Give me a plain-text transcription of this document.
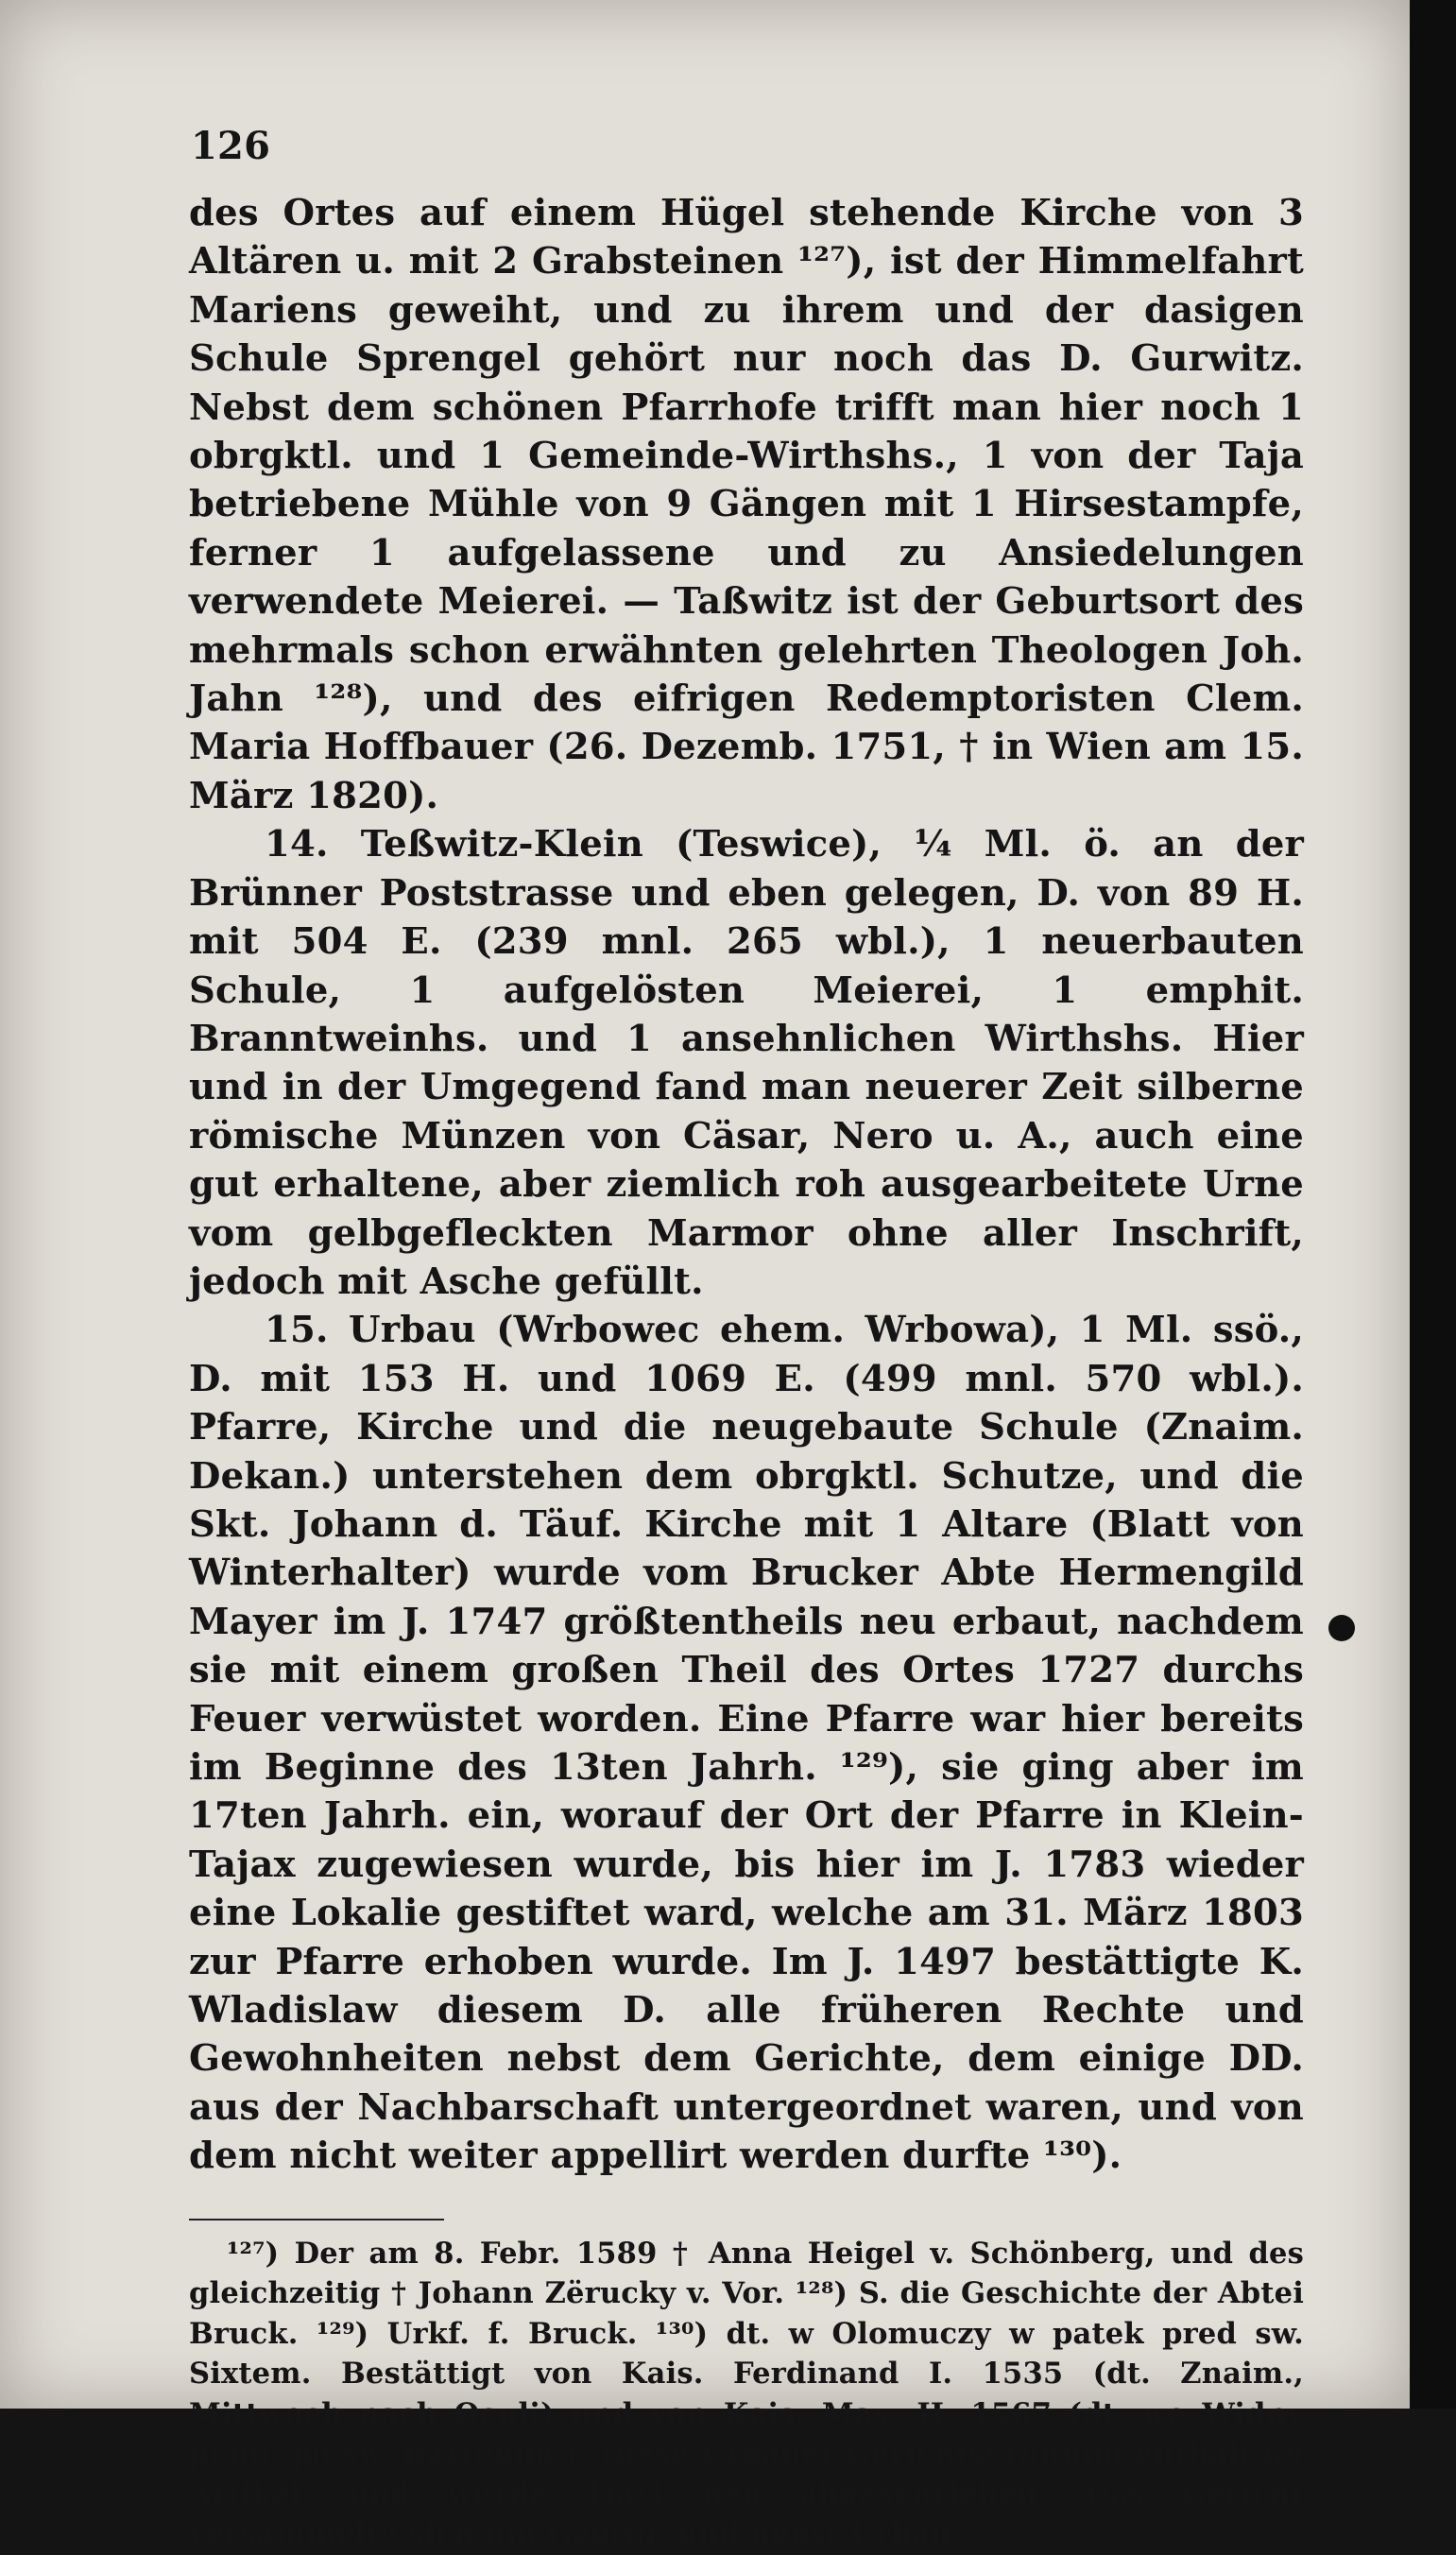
126

des Ortes auf einem Hügel stehende Kirche von 3 Altären u. mit 2 Grabsteinen ¹²⁷), ist der Himmelfahrt Mariens geweiht, und zu ihrem und der dasigen Schule Sprengel gehört nur noch das D. Gurwitz. Nebst dem schönen Pfarrhofe trifft man hier noch 1 obrgktl. und 1 Gemeinde-Wirthshs., 1 von der Taja betriebene Mühle von 9 Gängen mit 1 Hirsestampfe, ferner 1 aufgelassene und zu Ansiedelungen verwendete Meierei. — Taßwitz ist der Geburtsort des mehrmals schon erwähnten gelehrten Theologen Joh. Jahn ¹²⁸), und des eifrigen Redemptoristen Clem. Maria Hoffbauer (26. Dezemb. 1751, † in Wien am 15. März 1820).

14. Teßwitz-Klein (Teswice), ¼ Ml. ö. an der Brünner Poststrasse und eben gelegen, D. von 89 H. mit 504 E. (239 mnl. 265 wbl.), 1 neuerbauten Schule, 1 aufgelösten Meierei, 1 emphit. Branntweinhs. und 1 ansehnlichen Wirthshs. Hier und in der Umgegend fand man neuerer Zeit silberne römische Münzen von Cäsar, Nero u. A., auch eine gut erhaltene, aber ziemlich roh ausgearbeitete Urne vom gelbgefleckten Marmor ohne aller Inschrift, jedoch mit Asche gefüllt.

15. Urbau (Wrbowec ehem. Wrbowa), 1 Ml. ssö., D. mit 153 H. und 1069 E. (499 mnl. 570 wbl.). Pfarre, Kirche und die neugebaute Schule (Znaim. Dekan.) unterstehen dem obrgktl. Schutze, und die Skt. Johann d. Täuf. Kirche mit 1 Altare (Blatt von Winterhalter) wurde vom Brucker Abte Hermengild Mayer im J. 1747 größtentheils neu erbaut, nachdem sie mit einem großen Theil des Ortes 1727 durchs Feuer verwüstet worden. Eine Pfarre war hier bereits im Beginne des 13ten Jahrh. ¹²⁹), sie ging aber im 17ten Jahrh. ein, worauf der Ort der Pfarre in Klein-Tajax zugewiesen wurde, bis hier im J. 1783 wieder eine Lokalie gestiftet ward, welche am 31. März 1803 zur Pfarre erhoben wurde. Im J. 1497 bestättigte K. Wladislaw diesem D. alle früheren Rechte und Gewohnheiten nebst dem Gerichte, dem einige DD. aus der Nachbarschaft untergeordnet waren, und von dem nicht weiter appellirt werden durfte ¹³⁰).

¹²⁷) Der am 8. Febr. 1589 † Anna Heigel v. Schönberg, und des gleichzeitig † Johann Zërucky v. Vor. ¹²⁸) S. die Geschichte der Abtei Bruck. ¹²⁹) Urkf. f. Bruck. ¹³⁰) dt. w Olomuczy w patek pred sw. Sixtem. Bestättigt von Kais. Ferdinand I. 1535 (dt. Znaim., Mittwoch nach Oculi) und von Kais. Max. II. 1567 (dt. we Widny pond. po sw. Bartolom.). Diese Urbauer Gerichtsordnung enthält 69 Artikel, und wurde 1604 neu abgeschrieben. Das Gericht versammelte sich um Georgi, und nebst Urbau
